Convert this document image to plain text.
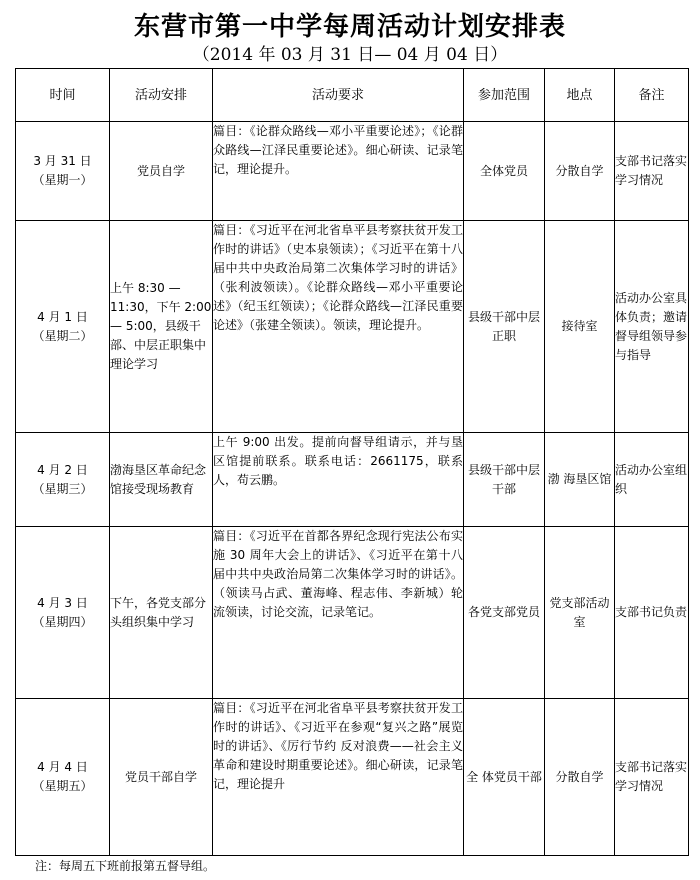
东营市第一中学每周活动计划安排表
（2014 年 03 月 31 日— 04 月 04 日）
时间	活动安排	活动要求	参加范围	地点	备注

3 月 31 日
（星期一）	党员自学	篇目：《论群众路线—邓小平重要论述》；《论群众路线—江泽民重要论述》。细心研读、记录笔记，理论提升。	全体党员	分散自学	支部书记落实学习情况

4 月 1 日
（星期二）	上午 8:30 — 11:30，下午 2:00 — 5:00，县级干部、中层正职集中理论学习	篇目：《习近平在河北省阜平县考察扶贫开发工作时的讲话》（史本泉领读）；《习近平在第十八届中共中央政治局第二次集体学习时的讲话》（张利波领读）。《论群众路线—邓小平重要论述》（纪玉红领读）；《论群众路线—江泽民重要论述》（张建全领读）。领读，理论提升。	县级干部中层正职	接待室	活动办公室具体负责；邀请督导组领导参与指导

4 月 2 日
（星期三）	渤海垦区革命纪念馆接受现场教育	上午 9:00 出发。提前向督导组请示，并与垦区馆提前联系。联系电话：2661175，联系人，苟云鹏。	县级干部中层干部	渤 海垦区馆	活动办公室组织

4 月 3 日
（星期四）	下午，各党支部分头组织集中学习	篇目：《习近平在首都各界纪念现行宪法公布实施 30 周年大会上的讲话》、《习近平在第十八届中共中央政治局第二次集体学习时的讲话》。（领读马占武、董海峰、程志伟、李新城）轮流领读，讨论交流，记录笔记。	各党支部党员	党支部活动室	支部书记负责

4 月 4 日
（星期五）	党员干部自学	篇目：《习近平在河北省阜平县考察扶贫开发工作时的讲话》、《习近平在参观“复兴之路”展览时的讲话》、《厉行节约 反对浪费——社会主义革命和建设时期重要论述》。细心研读，记录笔记，理论提升	全 体党员干部	分散自学	支部书记落实学习情况
注：每周五下班前报第五督导组。
